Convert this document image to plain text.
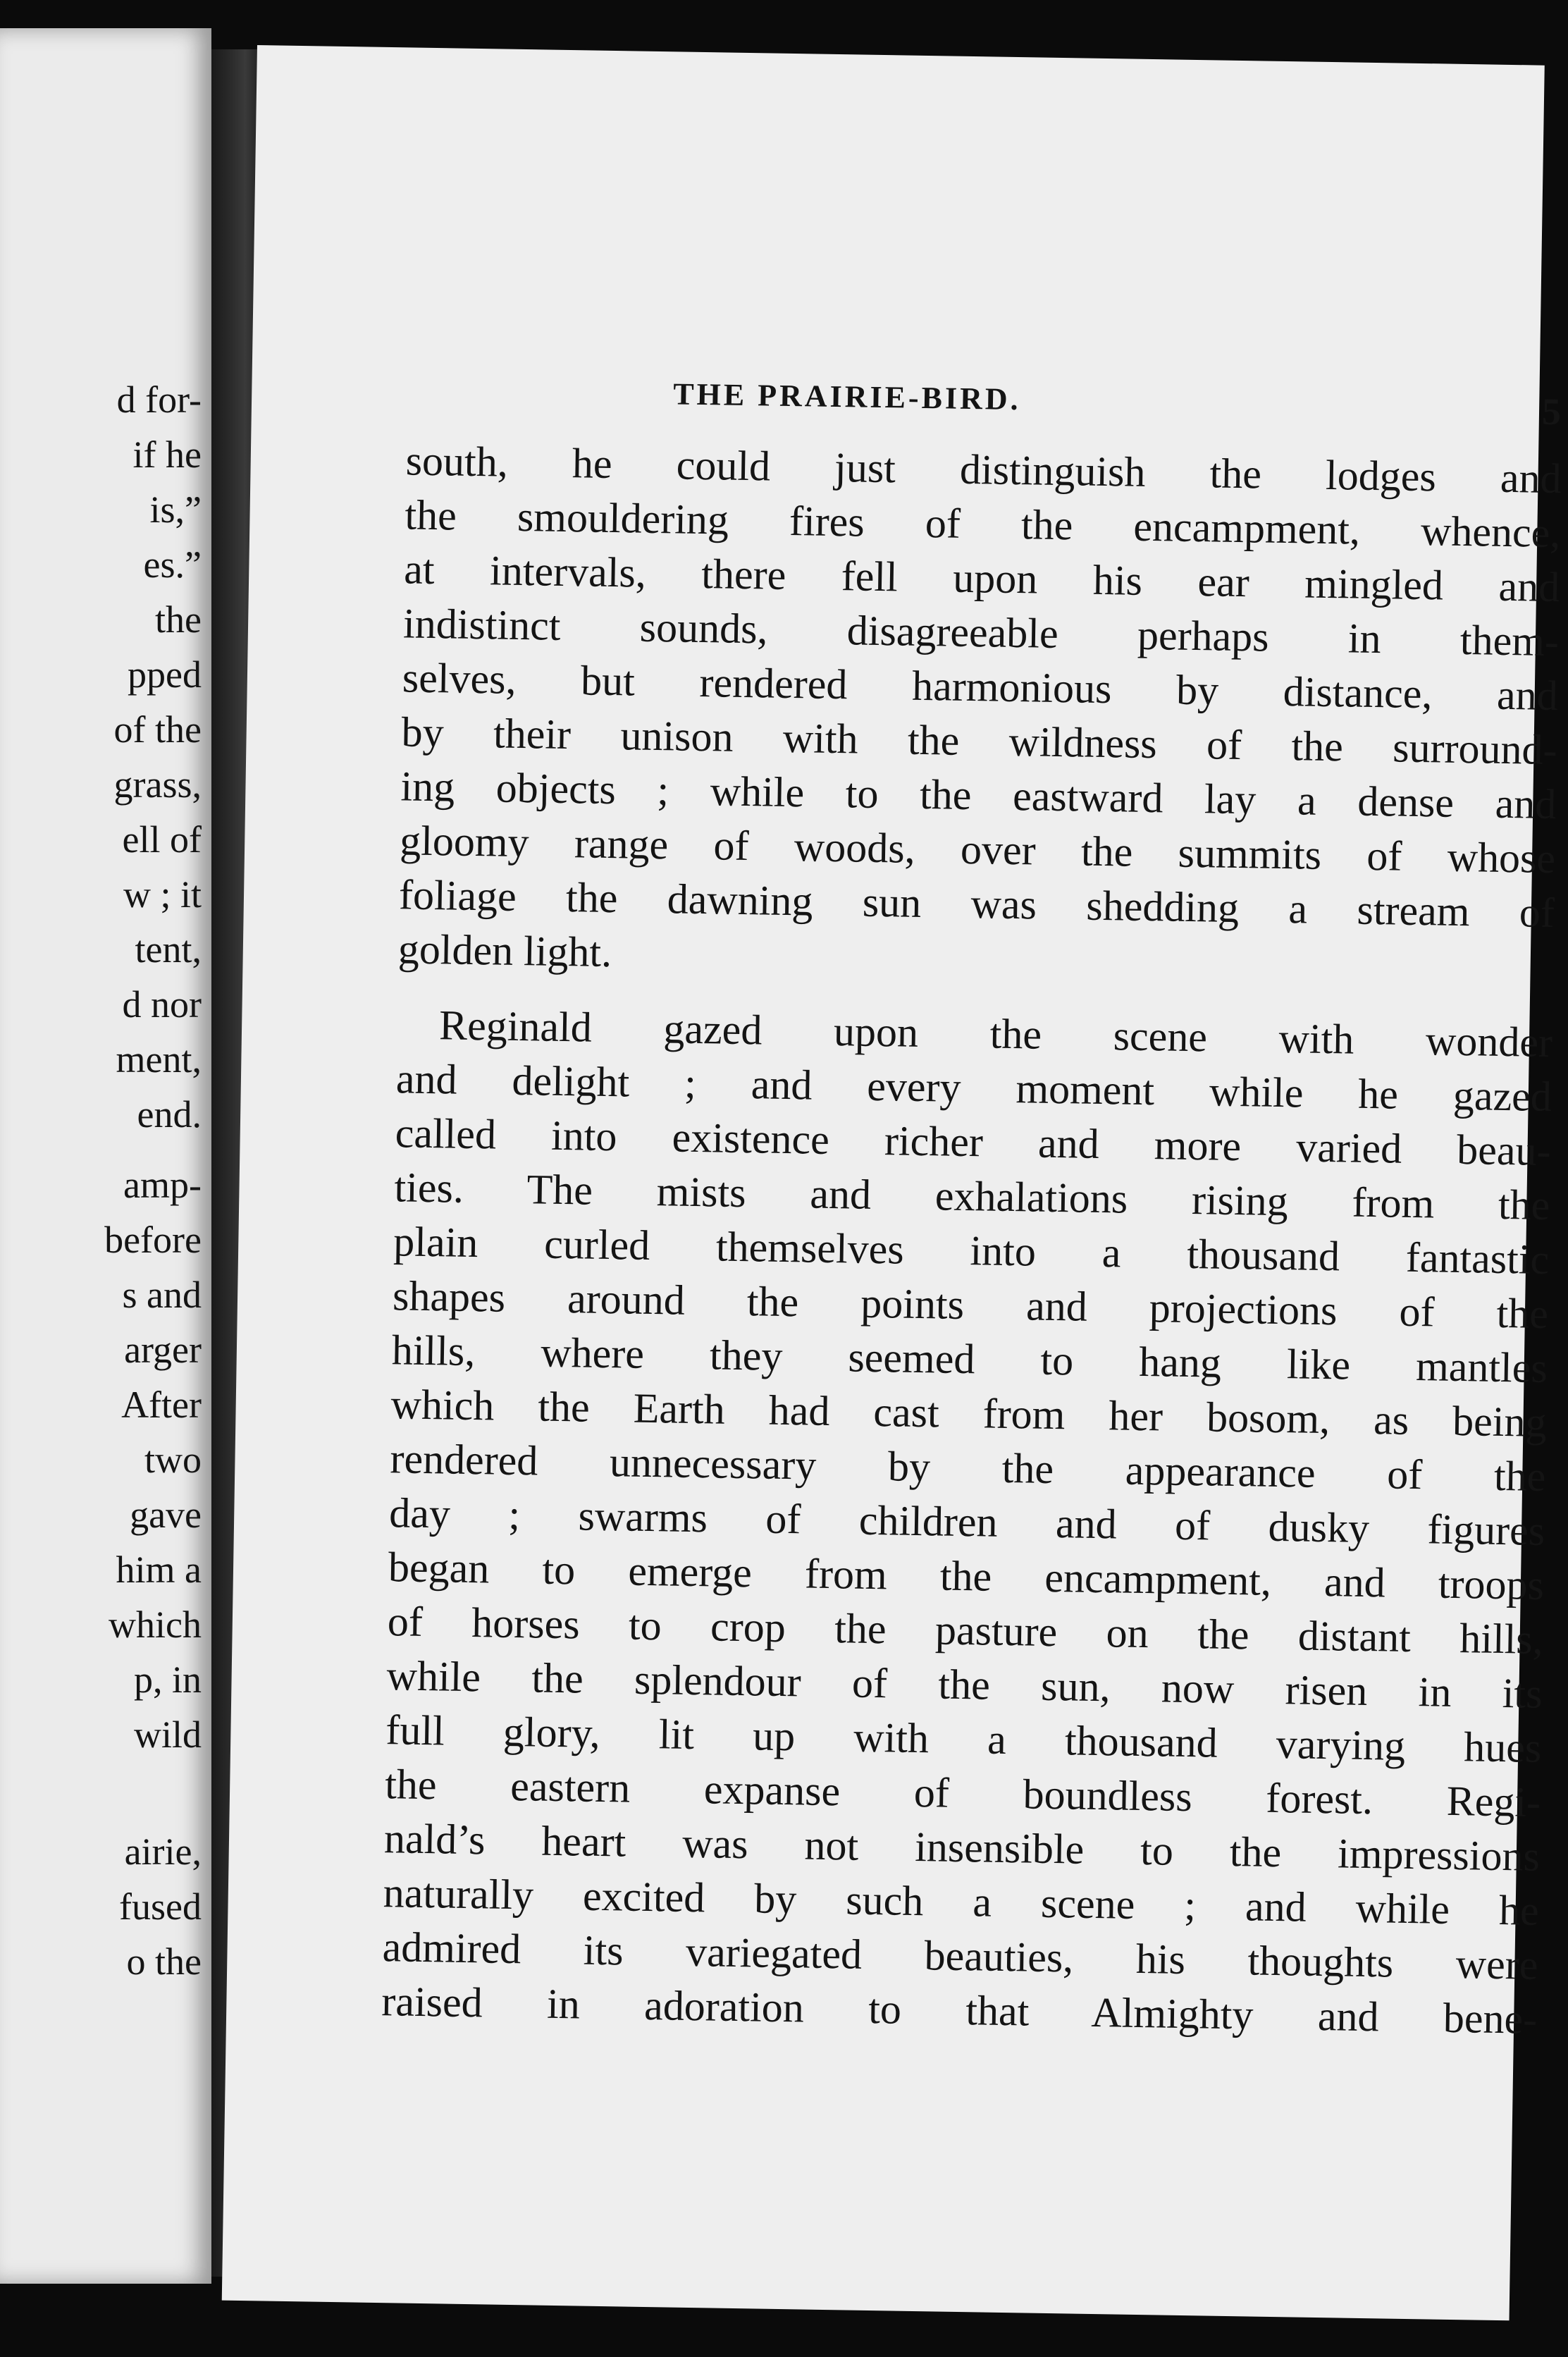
d for-
if he
is,”
es.”
the
pped
of the
grass,
ell of
w ; it
tent,
d nor
ment,
end.
amp-
before
s and
arger
After
two
gave
him a
which
p, in
wild
airie,
fused
o the
THE PRAIRIE-BIRD.	5
south, he could just distinguish the lodges and
the smouldering fires of the encampment, whence,
at intervals, there fell upon his ear mingled and
indistinct sounds, disagreeable perhaps in them-
selves, but rendered harmonious by distance, and
by their unison with the wildness of the surround-
ing objects ; while to the eastward lay a dense and
gloomy range of woods, over the summits of whose
foliage the dawning sun was shedding a stream of
golden light.
Reginald gazed upon the scene with wonder
and delight ; and every moment while he gazed
called into existence richer and more varied beau-
ties. The mists and exhalations rising from the
plain curled themselves into a thousand fantastic
shapes around the points and projections of the
hills, where they seemed to hang like mantles
which the Earth had cast from her bosom, as being
rendered unnecessary by the appearance of the
day ; swarms of children and of dusky figures
began to emerge from the encampment, and troops
of horses to crop the pasture on the distant hills,
while the splendour of the sun, now risen in its
full glory, lit up with a thousand varying hues
the eastern expanse of boundless forest. Regi-
nald’s heart was not insensible to the impressions
naturally excited by such a scene ; and while he
admired its variegated beauties, his thoughts were
raised in adoration to that Almighty and bene-
